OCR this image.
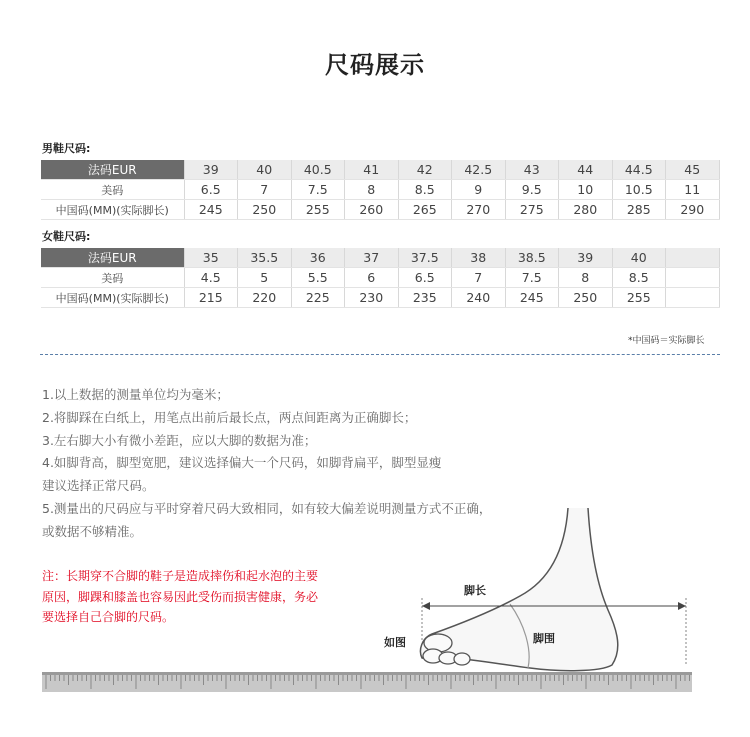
尺码展示
男鞋尺码:
法码EUR	39	40	40.5	41	42	42.5	43	44	44.5	45
美码	6.5	7	7.5	8	8.5	9	9.5	10	10.5	11
中国码(MM)(实际脚长)	245	250	255	260	265	270	275	280	285	290
女鞋尺码:
法码EUR	35	35.5	36	37	37.5	38	38.5	39	40	
美码	4.5	5	5.5	6	6.5	7	7.5	8	8.5	
中国码(MM)(实际脚长)	215	220	225	230	235	240	245	250	255	
*中国码＝实际脚长
1.以上数据的测量单位均为毫米；
2.将脚踩在白纸上，用笔点出前后最长点，两点间距离为正确脚长；
3.左右脚大小有微小差距，应以大脚的数据为准；
4.如脚背高，脚型宽肥，建议选择偏大一个尺码，如脚背扁平，脚型显瘦
建议选择正常尺码。
5.测量出的尺码应与平时穿着尺码大致相同，如有较大偏差说明测量方式不正确，
或数据不够精准。
注：长期穿不合脚的鞋子是造成摔伤和起水泡的主要
原因，脚踝和膝盖也容易因此受伤而损害健康，务必
要选择自己合脚的尺码。
脚长
脚围
如图
